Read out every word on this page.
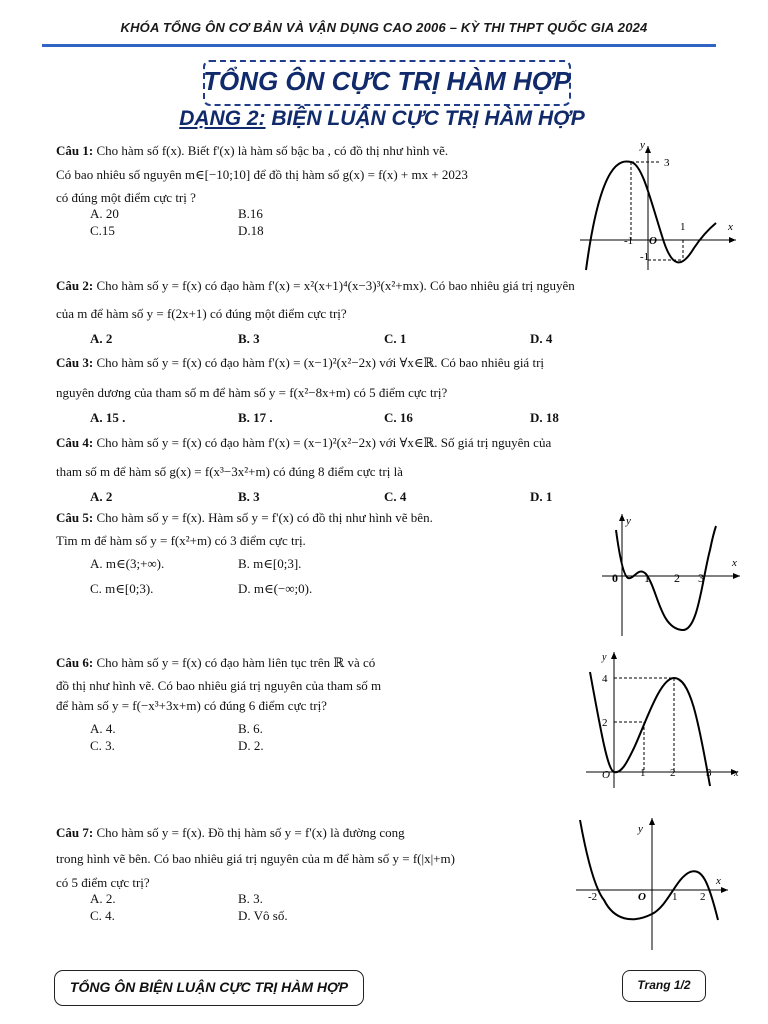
KHÓA TỔNG ÔN CƠ BẢN VÀ VẬN DỤNG CAO 2006 – KỲ THI THPT QUỐC GIA 2024
TỔNG ÔN CỰC TRỊ HÀM HỢP
DẠNG 2: BIỆN LUẬN CỰC TRỊ HÀM HỢP
Câu 1: Cho hàm số f(x). Biết f'(x) là hàm số bậc ba , có đồ thị như hình vẽ.
Có bao nhiêu số nguyên m∈[−10;10] để đồ thị hàm số g(x) = f(x) + mx + 2023
có đúng một điểm cực trị ?
A. 20	B.16
C.15	D.18
y
x
3
1
-1 O
-1
Câu 2: Cho hàm số y = f(x) có đạo hàm f'(x) = x²(x+1)⁴(x−3)³(x²+mx). Có bao nhiêu giá trị nguyên
của m để hàm số y = f(2x+1) có đúng một điểm cực trị?
A. 2	B. 3	C. 1	D. 4
Câu 3: Cho hàm số y = f(x) có đạo hàm f'(x) = (x−1)²(x²−2x) với ∀x∈ℝ. Có bao nhiêu giá trị
nguyên dương của tham số m để hàm số y = f(x²−8x+m) có 5 điểm cực trị?
A. 15 .	B. 17 .	C. 16	D. 18
Câu 4: Cho hàm số y = f(x) có đạo hàm f'(x) = (x−1)²(x²−2x) với ∀x∈ℝ. Số giá trị nguyên của
tham số m để hàm số g(x) = f(x³−3x²+m) có đúng 8 điểm cực trị là
A. 2	B. 3	C. 4	D. 1
Câu 5: Cho hàm số y = f(x). Hàm số y = f'(x) có đồ thị như hình vẽ bên.
Tìm m để hàm số y = f(x²+m) có 3 điểm cực trị.
A. m∈(3;+∞).	B. m∈[0;3].
C. m∈[0;3).	D. m∈(−∞;0).
y
x
0 1 2 3
Câu 6: Cho hàm số y = f(x) có đạo hàm liên tục trên ℝ và có
đồ thị như hình vẽ. Có bao nhiêu giá trị nguyên của tham số m
để hàm số y = f(−x³+3x+m) có đúng 6 điểm cực trị?
A. 4.	B. 6.
C. 3.	D. 2.
y
x
4
2
O	1 2	3
Câu 7: Cho hàm số y = f(x). Đồ thị hàm số y = f'(x) là đường cong
trong hình vẽ bên. Có bao nhiêu giá trị nguyên của m để hàm số y = f(|x|+m)
có 5 điểm cực trị?
A. 2.	B. 3.
C. 4.	D. Vô số.
y
x
-2	O 1 2
TỔNG ÔN BIỆN LUẬN CỰC TRỊ HÀM HỢP	Trang 1/2
